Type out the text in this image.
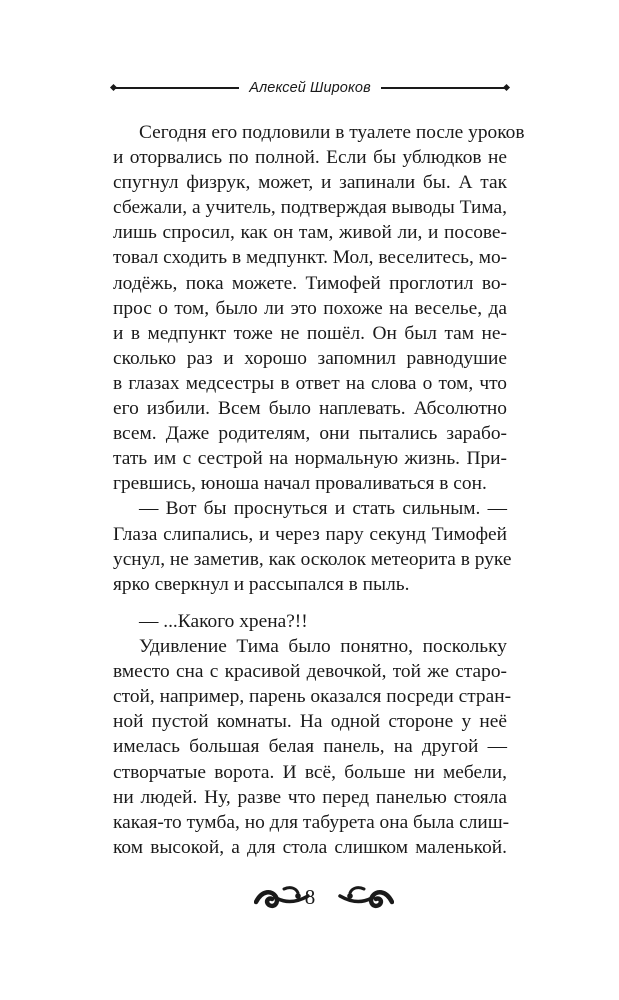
Алексей Широков
Сегодня его подловили в туалете после уроков
и оторвались по полной. Если бы ублюдков не
спугнул физрук, может, и запинали бы. А так
сбежали, а учитель, подтверждая выводы Тима,
лишь спросил, как он там, живой ли, и посове-
товал сходить в медпункт. Мол, веселитесь, мо-
лодёжь, пока можете. Тимофей проглотил во-
прос о том, было ли это похоже на веселье, да
и в медпункт тоже не пошёл. Он был там не-
сколько раз и хорошо запомнил равнодушие
в глазах медсестры в ответ на слова о том, что
его избили. Всем было наплевать. Абсолютно
всем. Даже родителям, они пытались зарабо-
тать им с сестрой на нормальную жизнь. При-
гревшись, юноша начал проваливаться в сон.
— Вот бы проснуться и стать сильным. —
Глаза слипались, и через пару секунд Тимофей
уснул, не заметив, как осколок метеорита в руке
ярко сверкнул и рассыпался в пыль.
— ...Какого хрена?!!
Удивление Тима было понятно, поскольку
вместо сна с красивой девочкой, той же старо-
стой, например, парень оказался посреди стран-
ной пустой комнаты. На одной стороне у неё
имелась большая белая панель, на другой —
створчатые ворота. И всё, больше ни мебели,
ни людей. Ну, разве что перед панелью стояла
какая-то тумба, но для табурета она была слиш-
ком высокой, а для стола слишком маленькой.
8
